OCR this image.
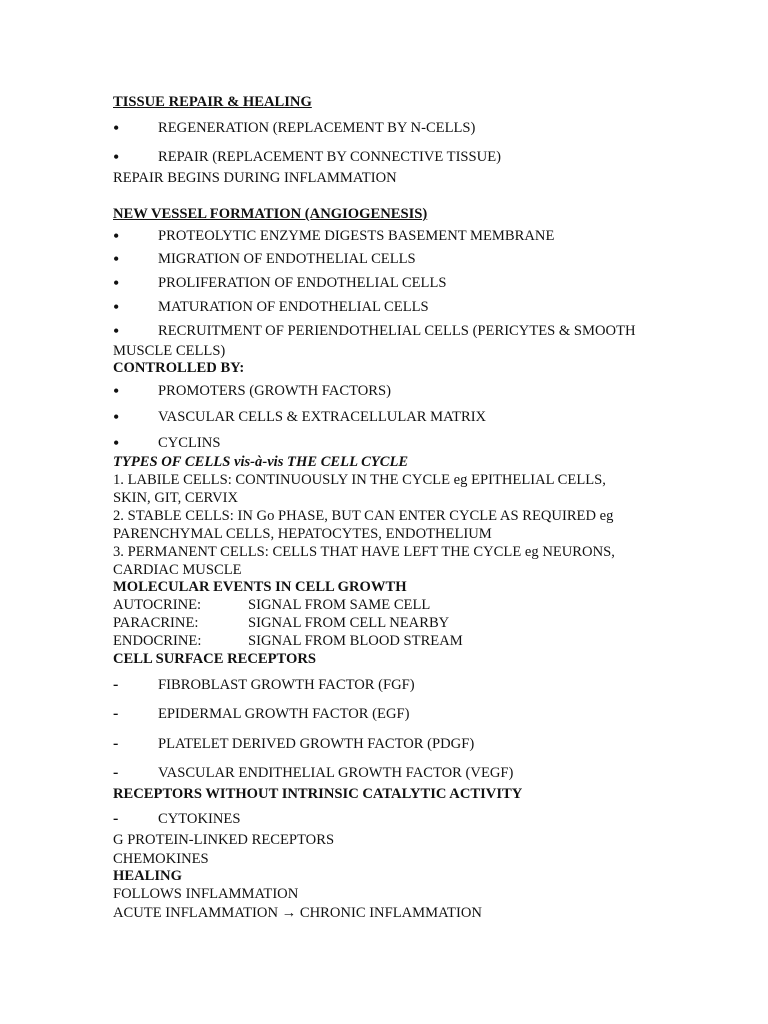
TISSUE REPAIR & HEALING
•	REGENERATION (REPLACEMENT BY N-CELLS)
•	REPAIR (REPLACEMENT BY CONNECTIVE TISSUE)
REPAIR BEGINS DURING INFLAMMATION
NEW VESSEL FORMATION (ANGIOGENESIS)
•	PROTEOLYTIC ENZYME DIGESTS BASEMENT MEMBRANE
•	MIGRATION OF ENDOTHELIAL CELLS
•	PROLIFERATION OF ENDOTHELIAL CELLS
•	MATURATION OF ENDOTHELIAL CELLS
•	RECRUITMENT OF PERIENDOTHELIAL CELLS (PERICYTES & SMOOTH
MUSCLE CELLS)
CONTROLLED BY:
•	PROMOTERS (GROWTH FACTORS)
•	VASCULAR CELLS & EXTRACELLULAR MATRIX
•	CYCLINS
TYPES OF CELLS vis-à-vis THE CELL CYCLE
1. LABILE CELLS: CONTINUOUSLY IN THE CYCLE eg EPITHELIAL CELLS,
SKIN, GIT, CERVIX
2. STABLE CELLS: IN Go PHASE, BUT CAN ENTER CYCLE AS REQUIRED eg
PARENCHYMAL CELLS, HEPATOCYTES, ENDOTHELIUM
3. PERMANENT CELLS: CELLS THAT HAVE LEFT THE CYCLE eg NEURONS,
CARDIAC MUSCLE
MOLECULAR EVENTS IN CELL GROWTH
AUTOCRINE:	SIGNAL FROM SAME CELL
PARACRINE:	SIGNAL FROM CELL NEARBY
ENDOCRINE:	SIGNAL FROM BLOOD STREAM
CELL SURFACE RECEPTORS
-	FIBROBLAST GROWTH FACTOR (FGF)
-	EPIDERMAL GROWTH FACTOR (EGF)
-	PLATELET DERIVED GROWTH FACTOR (PDGF)
-	VASCULAR ENDITHELIAL GROWTH FACTOR (VEGF)
RECEPTORS WITHOUT INTRINSIC CATALYTIC ACTIVITY
-	CYTOKINES
G PROTEIN-LINKED RECEPTORS
CHEMOKINES
HEALING
FOLLOWS INFLAMMATION
ACUTE INFLAMMATION → CHRONIC INFLAMMATION
